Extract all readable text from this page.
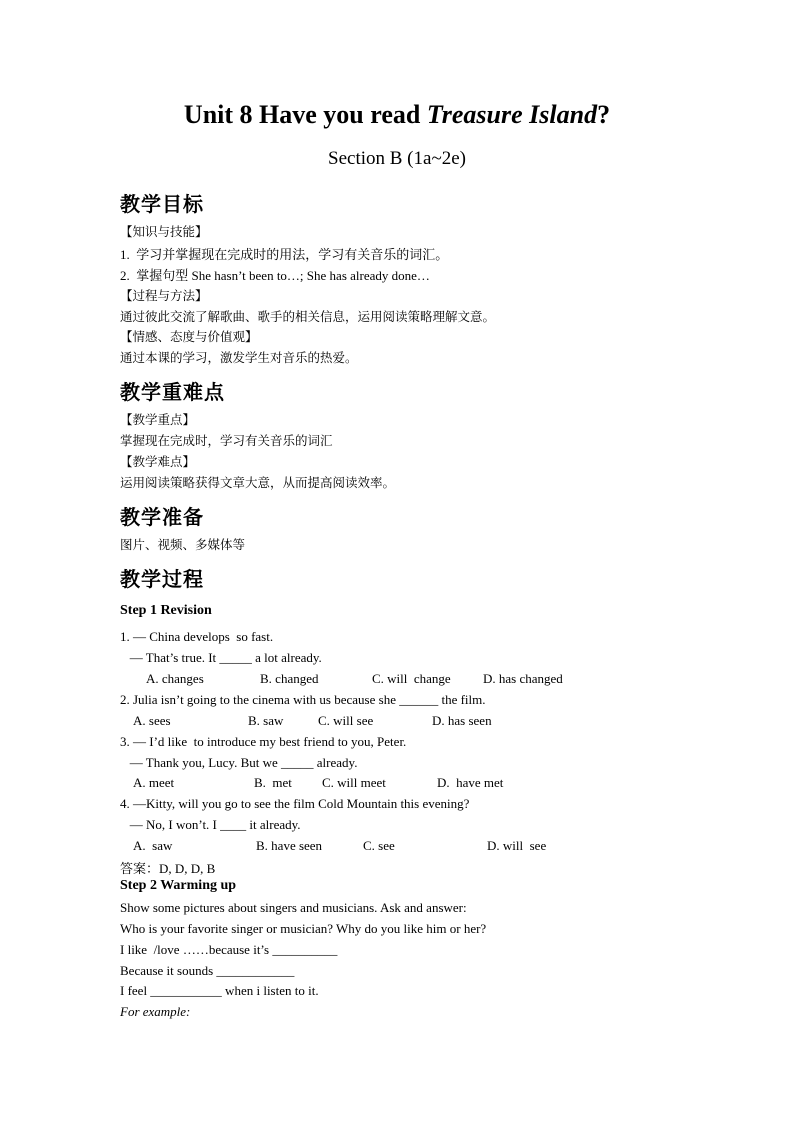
Unit 8 Have you read Treasure Island?
Section B (1a~2e)
教学目标
【知识与技能】
1.  学习并掌握现在完成时的用法，学习有关音乐的词汇。
2.  掌握句型 She hasn’t been to…; She has already done…
【过程与方法】
通过彼此交流了解歌曲、歌手的相关信息，运用阅读策略理解文意。
【情感、态度与价值观】
通过本课的学习，激发学生对音乐的热爱。
教学重难点
【教学重点】
掌握现在完成时，学习有关音乐的词汇
【教学难点】
运用阅读策略获得文章大意，从而提高阅读效率。
教学准备
图片、视频、多媒体等
教学过程
Step 1 Revision
1. — China develops  so fast.
— That’s true. It _____ a lot already.
A. changes	B. changed	C. will  change D. has changed
2. Julia isn’t going to the cinema with us because she ______ the film.
A. sees	B. saw	C. will see	D. has seen
3. — I’d like  to introduce my best friend to you, Peter.
— Thank you, Lucy. But we _____ already.
A. meet	B.  met C. will meet	D.  have met
4. —Kitty, will you go to see the film Cold Mountain this evening?
— No, I won’t. I ____ it already.
A.  saw	B. have seen	C. see	D. will  see
答案：D, D, D, B
Step 2 Warming up
Show some pictures about singers and musicians. Ask and answer:
Who is your favorite singer or musician? Why do you like him or her?
I like  /love ……because it’s __________
Because it sounds ____________
I feel ___________ when i listen to it.
For example:
